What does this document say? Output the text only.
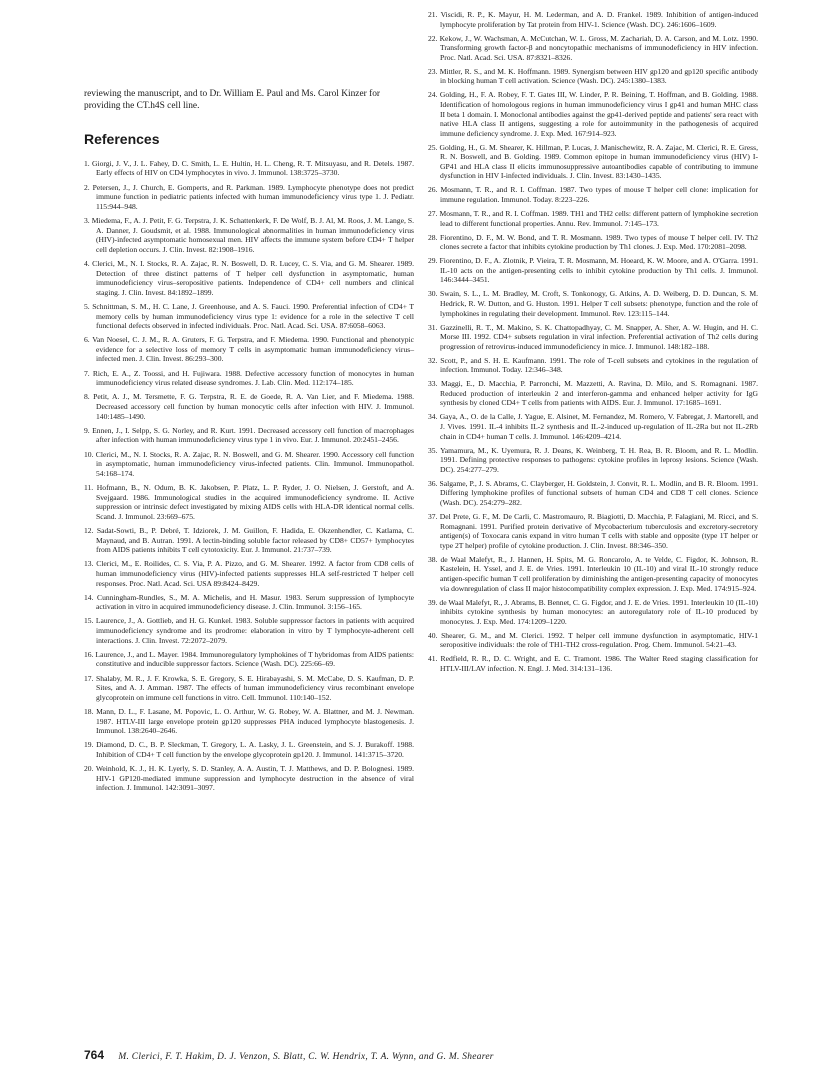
reviewing the manuscript, and to Dr. William E. Paul and Ms. Carol Kinzer for providing the CT.h4S cell line.

References
1. Giorgi, J. V., J. L. Fahey, D. C. Smith, L. E. Hultin, H. L. Cheng, R. T. Mitsuyasu, and R. Detels. 1987. Early effects of HIV on CD4 lymphocytes in vivo. J. Immunol. 138:3725–3730.
2. Petersen, J., J. Church, E. Gomperts, and R. Parkman. 1989. Lymphocyte phenotype does not predict immune function in pediatric patients infected with human immunodeficiency virus type 1. J. Pediatr. 115:944–948.
3. Miedema, F., A. J. Petit, F. G. Terpstra, J. K. Schattenkerk, F. De Wolf, B. J. Al, M. Roos, J. M. Lange, S. A. Danner, J. Goudsmit, et al. 1988. Immunological abnormalities in human immunodeficiency virus (HIV)-infected asymptomatic homosexual men. HIV affects the immune system before CD4+ T helper cell depletion occurs. J. Clin. Invest. 82:1908–1916.
4. Clerici, M., N. I. Stocks, R. A. Zajac, R. N. Boswell, D. R. Lucey, C. S. Via, and G. M. Shearer. 1989. Detection of three distinct patterns of T helper cell dysfunction in asymptomatic, human immunodeficiency virus–seropositive patients. Independence of CD4+ cell numbers and clinical staging. J. Clin. Invest. 84:1892–1899.
5. Schnittman, S. M., H. C. Lane, J. Greenhouse, and A. S. Fauci. 1990. Preferential infection of CD4+ T memory cells by human immunodeficiency virus type 1: evidence for a role in the selective T cell functional defects observed in infected individuals. Proc. Natl. Acad. Sci. USA. 87:6058–6063.
6. Van Noesel, C. J. M., R. A. Gruters, F. G. Terpstra, and F. Miedema. 1990. Functional and phenotypic evidence for a selective loss of memory T cells in asymptomatic human immunodeficiency virus–infected men. J. Clin. Invest. 86:293–300.
7. Rich, E. A., Z. Toossi, and H. Fujiwara. 1988. Defective accessory function of monocytes in human immunodeficiency virus related disease syndromes. J. Lab. Clin. Med. 112:174–185.
8. Petit, A. J., M. Tersmette, F. G. Terpstra, R. E. de Goede, R. A. Van Lier, and F. Miedema. 1988. Decreased accessory cell function by human monocytic cells after infection with HIV. J. Immunol. 140:1485–1490.
9. Ennen, J., I. Selpp, S. G. Norley, and R. Kurt. 1991. Decreased accessory cell function of macrophages after infection with human immunodeficiency virus type 1 in vivo. Eur. J. Immunol. 20:2451–2456.
10. Clerici, M., N. I. Stocks, R. A. Zajac, R. N. Boswell, and G. M. Shearer. 1990. Accessory cell function in asymptomatic, human immunodeficiency virus-infected patients. Clin. Immunol. Immunopathol. 54:168–174.
11. Hofmann, B., N. Odum, B. K. Jakobsen, P. Platz, L. P. Ryder, J. O. Nielsen, J. Gerstoft, and A. Svejgaard. 1986. Immunological studies in the acquired immunodeficiency syndrome. II. Active suppression or intrinsic defect investigated by mixing AIDS cells with HLA-DR identical normal cells. Scand. J. Immunol. 23:669–675.
12. Sadat-Sowti, B., P. Debré, T. Idziorek, J. M. Guillon, F. Hadida, E. Okzenhendler, C. Katlama, C. Maynaud, and B. Autran. 1991. A lectin-binding soluble factor released by CD8+ CD57+ lymphocytes from AIDS patients inhibits T cell cytotoxicity. Eur. J. Immunol. 21:737–739.
13. Clerici, M., E. Roilides, C. S. Via, P. A. Pizzo, and G. M. Shearer. 1992. A factor from CD8 cells of human immunodeficiency virus (HIV)-infected patients suppresses HLA self-restricted T helper cell responses. Proc. Natl. Acad. Sci. USA 89:8424–8429.
14. Cunningham-Rundles, S., M. A. Michelis, and H. Masur. 1983. Serum suppression of lymphocyte activation in vitro in acquired immunodeficiency disease. J. Clin. Immunol. 3:156–165.
15. Laurence, J., A. Gottlieb, and H. G. Kunkel. 1983. Soluble suppressor factors in patients with acquired immunodeficiency syndrome and its prodrome: elaboration in vitro by T lymphocyte-adherent cell interactions. J. Clin. Invest. 72:2072–2079.
16. Laurence, J., and L. Mayer. 1984. Immunoregulatory lymphokines of T hybridomas from AIDS patients: constitutive and inducible suppressor factors. Science (Wash. DC). 225:66–69.
17. Shalaby, M. R., J. F. Krowka, S. E. Gregory, S. E. Hirabayashi, S. M. McCabe, D. S. Kaufman, D. P. Sites, and A. J. Amman. 1987. The effects of human immunodeficiency virus recombinant envelope glycoprotein on immune cell functions in vitro. Cell. Immunol. 110:140–152.
18. Mann, D. L., F. Lasane, M. Popovic, L. O. Arthur, W. G. Robey, W. A. Blattner, and M. J. Newman. 1987. HTLV-III large envelope protein gp120 suppresses PHA induced lymphocyte blastogenesis. J. Immunol. 138:2640–2646.
19. Diamond, D. C., B. P. Sleckman, T. Gregory, L. A. Lasky, J. L. Greenstein, and S. J. Burakoff. 1988. Inhibition of CD4+ T cell function by the envelope glycoprotein gp120. J. Immunol. 141:3715–3720.
20. Weinhold, K. J., H. K. Lyerly, S. D. Stanley, A. A. Austin, T. J. Matthews, and D. P. Bolognesi. 1989. HIV-1 GP120-mediated immune suppression and lymphocyte destruction in the absence of viral infection. J. Immunol. 142:3091–3097.
21. Viscidi, R. P., K. Mayur, H. M. Lederman, and A. D. Frankel. 1989. Inhibition of antigen-induced lymphocyte proliferation by Tat protein from HIV-1. Science (Wash. DC). 246:1606–1609.
22. Kekow, J., W. Wachsman, A. McCutchan, W. L. Gross, M. Zachariah, D. A. Carson, and M. Lotz. 1990. Transforming growth factor-β and noncytopathic mechanisms of immunodeficiency in HIV infection. Proc. Natl. Acad. Sci. USA. 87:8321–8326.
23. Mittler, R. S., and M. K. Hoffmann. 1989. Synergism between HIV gp120 and gp120 specific antibody in blocking human T cell activation. Science (Wash. DC). 245:1380–1383.
24. Golding, H., F. A. Robey, F. T. Gates III, W. Linder, P. R. Beining, T. Hoffman, and B. Golding. 1988. Identification of homologous regions in human immunodeficiency virus I gp41 and human MHC class II beta 1 domain. I. Monoclonal antibodies against the gp41-derived peptide and patients' sera react with native HLA class II antigens, suggesting a role for autoimmunity in the pathogenesis of acquired immune deficiency syndrome. J. Exp. Med. 167:914–923.
25. Golding, H., G. M. Shearer, K. Hillman, P. Lucas, J. Manischewitz, R. A. Zajac, M. Clerici, R. E. Gress, R. N. Boswell, and B. Golding. 1989. Common epitope in human immunodeficiency virus (HIV) I-GP41 and HLA class II elicits immunosuppressive autoantibodies capable of contributing to immune dysfunction in HIV I-infected individuals. J. Clin. Invest. 83:1430–1435.
26. Mosmann, T. R., and R. I. Coffman. 1987. Two types of mouse T helper cell clone: implication for immune regulation. Immunol. Today. 8:223–226.
27. Mosmann, T. R., and R. I. Coffman. 1989. TH1 and TH2 cells: different pattern of lymphokine secretion lead to different functional properties. Annu. Rev. Immunol. 7:145–173.
28. Fiorentino, D. F., M. W. Bond, and T. R. Mosmann. 1989. Two types of mouse T helper cell. IV. Th2 clones secrete a factor that inhibits cytokine production by Th1 clones. J. Exp. Med. 170:2081–2098.
29. Fiorentino, D. F., A. Zlotnik, P. Vieira, T. R. Mosmann, M. Hoeard, K. W. Moore, and A. O'Garra. 1991. IL-10 acts on the antigen-presenting cells to inhibit cytokine production by Th1 cells. J. Immunol. 146:3444–3451.
30. Swain, S. L., L. M. Bradley, M. Croft, S. Tonkonogy, G. Atkins, A. D. Weiberg, D. D. Duncan, S. M. Hedrick, R. W. Dutton, and G. Huston. 1991. Helper T cell subsets: phenotype, function and the role of lymphokines in regulating their development. Immunol. Rev. 123:115–144.
31. Gazzinelli, R. T., M. Makino, S. K. Chattopadhyay, C. M. Snapper, A. Sher, A. W. Hugin, and H. C. Morse III. 1992. CD4+ subsets regulation in viral infection. Preferential activation of Th2 cells during progression of retrovirus-induced immunodeficiency in mice. J. Immunol. 148:182–188.
32. Scott, P., and S. H. E. Kaufmann. 1991. The role of T-cell subsets and cytokines in the regulation of infection. Immunol. Today. 12:346–348.
33. Maggi, E., D. Macchia, P. Parronchi, M. Mazzetti, A. Ravina, D. Milo, and S. Romagnani. 1987. Reduced production of interleukin 2 and interferon-gamma and enhanced helper activity for IgG synthesis by cloned CD4+ T cells from patients with AIDS. Eur. J. Immunol. 17:1685–1691.
34. Gaya, A., O. de la Calle, J. Yague, E. Alsinet, M. Fernandez, M. Romero, V. Fabregat, J. Martorell, and J. Vives. 1991. IL-4 inhibits IL-2 synthesis and IL-2-induced up-regulation of IL-2Ra but not IL-2Rb chain in CD4+ human T cells. J. Immunol. 146:4209–4214.
35. Yamamura, M., K. Uyemura, R. J. Deans, K. Weinberg, T. H. Rea, B. R. Bloom, and R. L. Modlin. 1991. Defining protective responses to pathogens: cytokine profiles in leprosy lesions. Science (Wash. DC). 254:277–279.
36. Salgame, P., J. S. Abrams, C. Clayberger, H. Goldstein, J. Convit, R. L. Modlin, and B. R. Bloom. 1991. Differing lymphokine profiles of functional subsets of human CD4 and CD8 T cell clones. Science (Wash. DC). 254:279–282.
37. Del Prete, G. F., M. De Carli, C. Mastromauro, R. Biagiotti, D. Macchia, P. Falagiani, M. Ricci, and S. Romagnani. 1991. Purified protein derivative of Mycobacterium tuberculosis and excretory-secretory antigen(s) of Toxocara canis expand in vitro human T cells with stable and opposite (type 1T helper or type 2T helper) profile of cytokine production. J. Clin. Invest. 88:346–350.
38. de Waal Malefyt, R., J. Hannen, H. Spits, M. G. Roncarolo, A. te Velde, C. Figdor, K. Johnson, R. Kastelein, H. Yssel, and J. E. de Vries. 1991. Interleukin 10 (IL-10) and viral IL-10 strongly reduce antigen-specific human T cell proliferation by diminishing the antigen-presenting capacity of monocytes via downregulation of class II major histocompatibility complex expression. J. Exp. Med. 174:915–924.
39. de Waal Malefyt, R., J. Abrams, B. Bennet, C. G. Figdor, and J. E. de Vries. 1991. Interleukin 10 (IL-10) inhibits cytokine synthesis by human monocytes: an autoregulatory role of IL-10 produced by monocytes. J. Exp. Med. 174:1209–1220.
40. Shearer, G. M., and M. Clerici. 1992. T helper cell immune dysfunction in asymptomatic, HIV-1 seropositive individuals: the role of TH1-TH2 cross-regulation. Prog. Chem. Immunol. 54:21–43.
41. Redfield, R. R., D. C. Wright, and E. C. Tramont. 1986. The Walter Reed staging classification for HTLV-III/LAV infection. N. Engl. J. Med. 314:131–136.
764 M. Clerici, F. T. Hakim, D. J. Venzon, S. Blatt, C. W. Hendrix, T. A. Wynn, and G. M. Shearer
